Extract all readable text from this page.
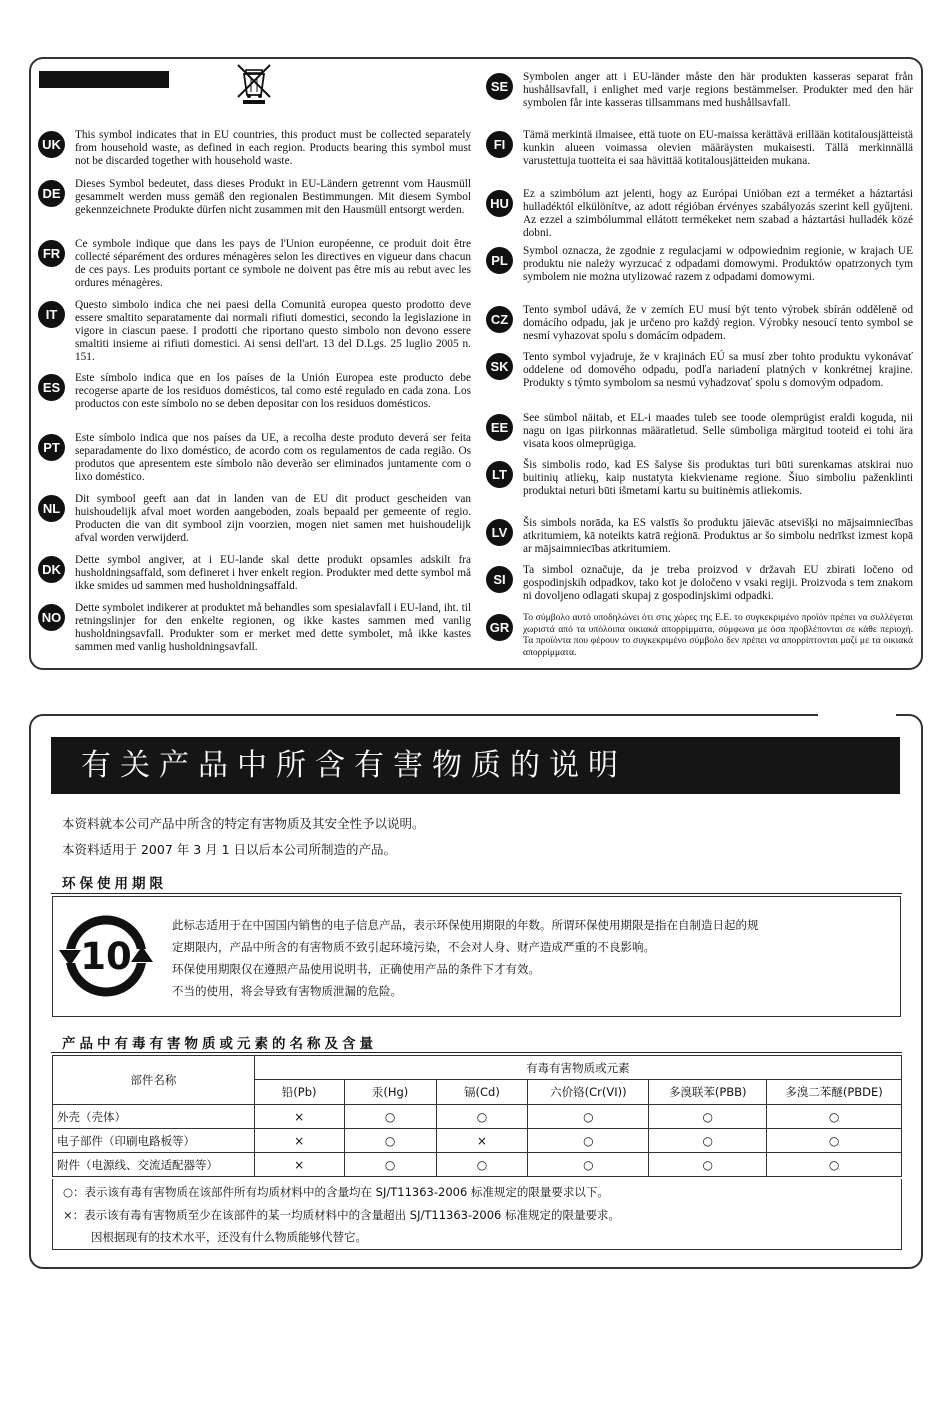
UK
This symbol indicates that in EU countries, this product must be collected separately from household waste, as defined in each region. Products bearing this symbol must not be discarded together with household waste.
DE
Dieses Symbol bedeutet, dass dieses Produkt in EU-Ländern getrennt vom Hausmüll gesammelt werden muss gemäß den regionalen Bestimmungen. Mit diesem Symbol gekennzeichnete Produkte dürfen nicht zusammen mit den Hausmüll entsorgt werden.
FR
Ce symbole indique que dans les pays de l'Union européenne, ce produit doit être collecté séparément des ordures ménagères selon les directives en vigueur dans chacun de ces pays. Les produits portant ce symbole ne doivent pas être mis au rebut avec les ordures ménagères.
IT
Questo simbolo indica che nei paesi della Comunità europea questo prodotto deve essere smaltito separatamente dai normali rifiuti domestici, secondo la legislazione in vigore in ciascun paese. I prodotti che riportano questo simbolo non devono essere smaltiti insieme ai rifiuti domestici. Ai sensi dell'art. 13 del D.Lgs. 25 luglio 2005 n. 151.
ES
Este símbolo indica que en los países de la Unión Europea este producto debe recogerse aparte de los residuos domésticos, tal como esté regulado en cada zona. Los productos con este símbolo no se deben depositar con los residuos domésticos.
PT
Este símbolo indica que nos países da UE, a recolha deste produto deverá ser feita separadamente do lixo doméstico, de acordo com os regulamentos de cada região. Os produtos que apresentem este símbolo não deverão ser eliminados juntamente com o lixo doméstico.
NL
Dit symbool geeft aan dat in landen van de EU dit product gescheiden van huishoudelijk afval moet worden aangeboden, zoals bepaald per gemeente of regio. Producten die van dit symbool zijn voorzien, mogen niet samen met huishoudelijk afval worden verwijderd.
DK
Dette symbol angiver, at i EU-lande skal dette produkt opsamles adskilt fra husholdningsaffald, som defineret i hver enkelt region. Produkter med dette symbol må ikke smides ud sammen med husholdningsaffald.
NO
Dette symbolet indikerer at produktet må behandles som spesialavfall i EU-land, iht. til retningslinjer for den enkelte regionen, og ikke kastes sammen med vanlig husholdningsavfall. Produkter som er merket med dette symbolet, må ikke kastes sammen med vanlig husholdningsavfall.
SE
Symbolen anger att i EU-länder måste den här produkten kasseras separat från hushållsavfall, i enlighet med varje regions bestämmelser. Produkter med den här symbolen får inte kasseras tillsammans med hushållsavfall.
FI
Tämä merkintä ilmaisee, että tuote on EU-maissa kerättävä erillään kotitalousjätteistä kunkin alueen voimassa olevien määräysten mukaisesti. Tällä merkinnällä varustettuja tuotteita ei saa hävittää kotitalousjätteiden mukana.
HU
Ez a szimbólum azt jelenti, hogy az Európai Unióban ezt a terméket a háztartási hulladéktól elkülönítve, az adott régióban érvényes szabályozás szerint kell gyűjteni. Az ezzel a szimbólummal ellátott termékeket nem szabad a háztartási hulladék közé dobni.
PL
Symbol oznacza, że zgodnie z regulacjami w odpowiednim regionie, w krajach UE produktu nie należy wyrzucać z odpadami domowymi. Produktów opatrzonych tym symbolem nie można utylizować razem z odpadami domowymi.
CZ
Tento symbol udává, že v zemích EU musí být tento výrobek sbírán odděleně od domácího odpadu, jak je určeno pro každý region. Výrobky nesoucí tento symbol se nesmí vyhazovat spolu s domácím odpadem.
SK
Tento symbol vyjadruje, že v krajinách EÚ sa musí zber tohto produktu vykonávať oddelene od domového odpadu, podľa nariadení platných v konkrétnej krajine. Produkty s týmto symbolom sa nesmú vyhadzovať spolu s domovým odpadom.
EE
See sümbol näitab, et EL-i maades tuleb see toode olemprügist eraldi koguda, nii nagu on igas piirkonnas määratletud. Selle sümboliga märgitud tooteid ei tohi ära visata koos olmeprügiga.
LT
Šis simbolis rodo, kad ES šalyse šis produktas turi būti surenkamas atskirai nuo buitinių atliekų, kaip nustatyta kiekviename regione. Šiuo simboliu paženklinti produktai neturi būti išmetami kartu su buitinėmis atliekomis.
LV
Šis simbols norāda, ka ES valstīs šo produktu jāievāc atsevišķi no mājsaimniecības atkritumiem, kā noteikts katrā reģionā. Produktus ar šo simbolu nedrīkst izmest kopā ar mājsaimniecības atkritumiem.
SI
Ta simbol označuje, da je treba proizvod v državah EU zbirati ločeno od gospodinjskih odpadkov, tako kot je določeno v vsaki regiji. Proizvoda s tem znakom ni dovoljeno odlagati skupaj z gospodinjskimi odpadki.
GR
Το σύμβολο αυτό υποδηλώνει ότι στις χώρες της E.E. το συγκεκριμένο προϊόν πρέπει να συλλέγεται χωριστά από τα υπόλοιπα οικιακά απορρίμματα, σύμφωνα με όσα προβλέπονται σε κάθε περιοχή. Τα προϊόντα που φέρουν το συγκεκριμένο σύμβολο δεν πρέπει να απορρίπτονται μαζί με τα οικιακά απορρίμματα.
有关产品中所含有害物质的说明
本资料就本公司产品中所含的特定有害物质及其安全性予以说明。
本资料适用于 2007 年 3 月 1 日以后本公司所制造的产品。
环保使用期限
10
此标志适用于在中国国内销售的电子信息产品，表示环保使用期限的年数。所谓环保使用期限是指在自制造日起的规
定期限内，产品中所含的有害物质不致引起环境污染，不会对人身、财产造成严重的不良影响。
环保使用期限仅在遵照产品使用说明书，正确使用产品的条件下才有效。
不当的使用，将会导致有害物质泄漏的危险。
产品中有毒有害物质或元素的名称及含量
部件名称	有毒有害物质或元素					
	铅(Pb)	汞(Hg)	镉(Cd)	六价铬(Cr(VI))	多溴联苯(PBB)	多溴二苯醚(PBDE)
外壳（壳体）	×	○	○	○	○	○
电子部件（印刷电路板等）	×	○	×	○	○	○
附件（电源线、交流适配器等）	×	○	○	○	○	○
○：表示该有毒有害物质在该部件所有均质材料中的含量均在 SJ/T11363-2006 标准规定的限量要求以下。
×：表示该有毒有害物质至少在该部件的某一均质材料中的含量超出 SJ/T11363-2006 标准规定的限量要求。
因根据现有的技术水平，还没有什么物质能够代替它。
